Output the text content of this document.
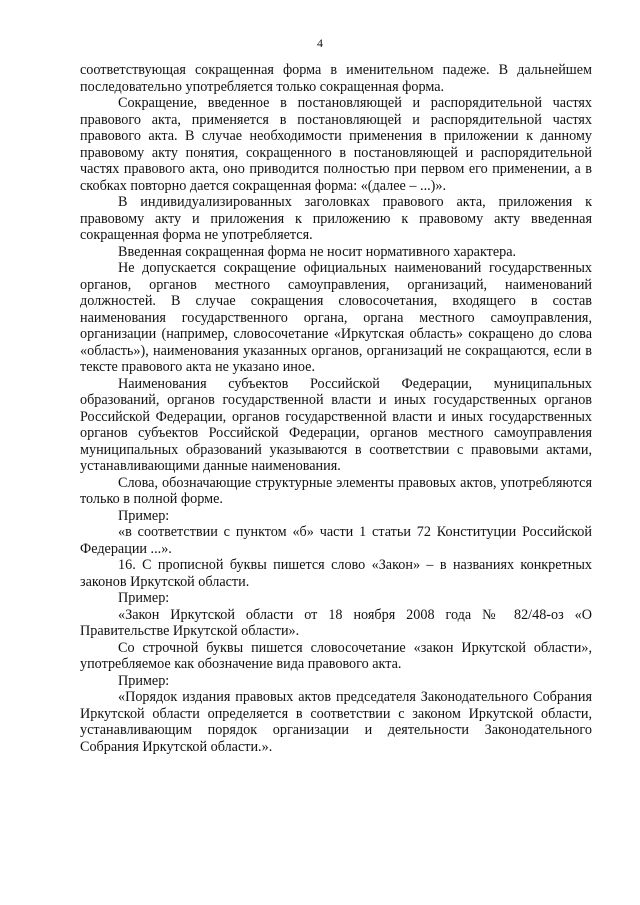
4

соответствующая сокращенная форма в именительном падеже. В дальнейшем последовательно употребляется только сокращенная форма.

Сокращение, введенное в постановляющей и распорядительной частях правового акта, применяется в постановляющей и распорядительной частях правового акта. В случае необходимости применения в приложении к данному правовому акту понятия, сокращенного в постановляющей и распорядительной частях правового акта, оно приводится полностью при первом его применении, а в скобках повторно дается сокращенная форма: «(далее – ...)».

В индивидуализированных заголовках правового акта, приложения к правовому акту и приложения к приложению к правовому акту введенная сокращенная форма не употребляется.

Введенная сокращенная форма не носит нормативного характера.

Не допускается сокращение официальных наименований государственных органов, органов местного самоуправления, организаций, наименований должностей. В случае сокращения словосочетания, входящего в состав наименования государственного органа, органа местного самоуправления, организации (например, словосочетание «Иркутская область» сокращено до слова «область»), наименования указанных органов, организаций не сокращаются, если в тексте правового акта не указано иное.

Наименования субъектов Российской Федерации, муниципальных образований, органов государственной власти и иных государственных органов Российской Федерации, органов государственной власти и иных государственных органов субъектов Российской Федерации, органов местного самоуправления муниципальных образований указываются в соответствии с правовыми актами, устанавливающими данные наименования.

Слова, обозначающие структурные элементы правовых актов, употребляются только в полной форме.

Пример:

«в соответствии с пунктом «б» части 1 статьи 72 Конституции Российской Федерации ...».

16. С прописной буквы пишется слово «Закон» – в названиях конкретных законов Иркутской области.

Пример:

«Закон Иркутской области от 18 ноября 2008 года № 82/48-оз «О Правительстве Иркутской области».

Со строчной буквы пишется словосочетание «закон Иркутской области», употребляемое как обозначение вида правового акта.

Пример:

«Порядок издания правовых актов председателя Законодательного Собрания Иркутской области определяется в соответствии с законом Иркутской области, устанавливающим порядок организации и деятельности Законодательного Собрания Иркутской области.».
